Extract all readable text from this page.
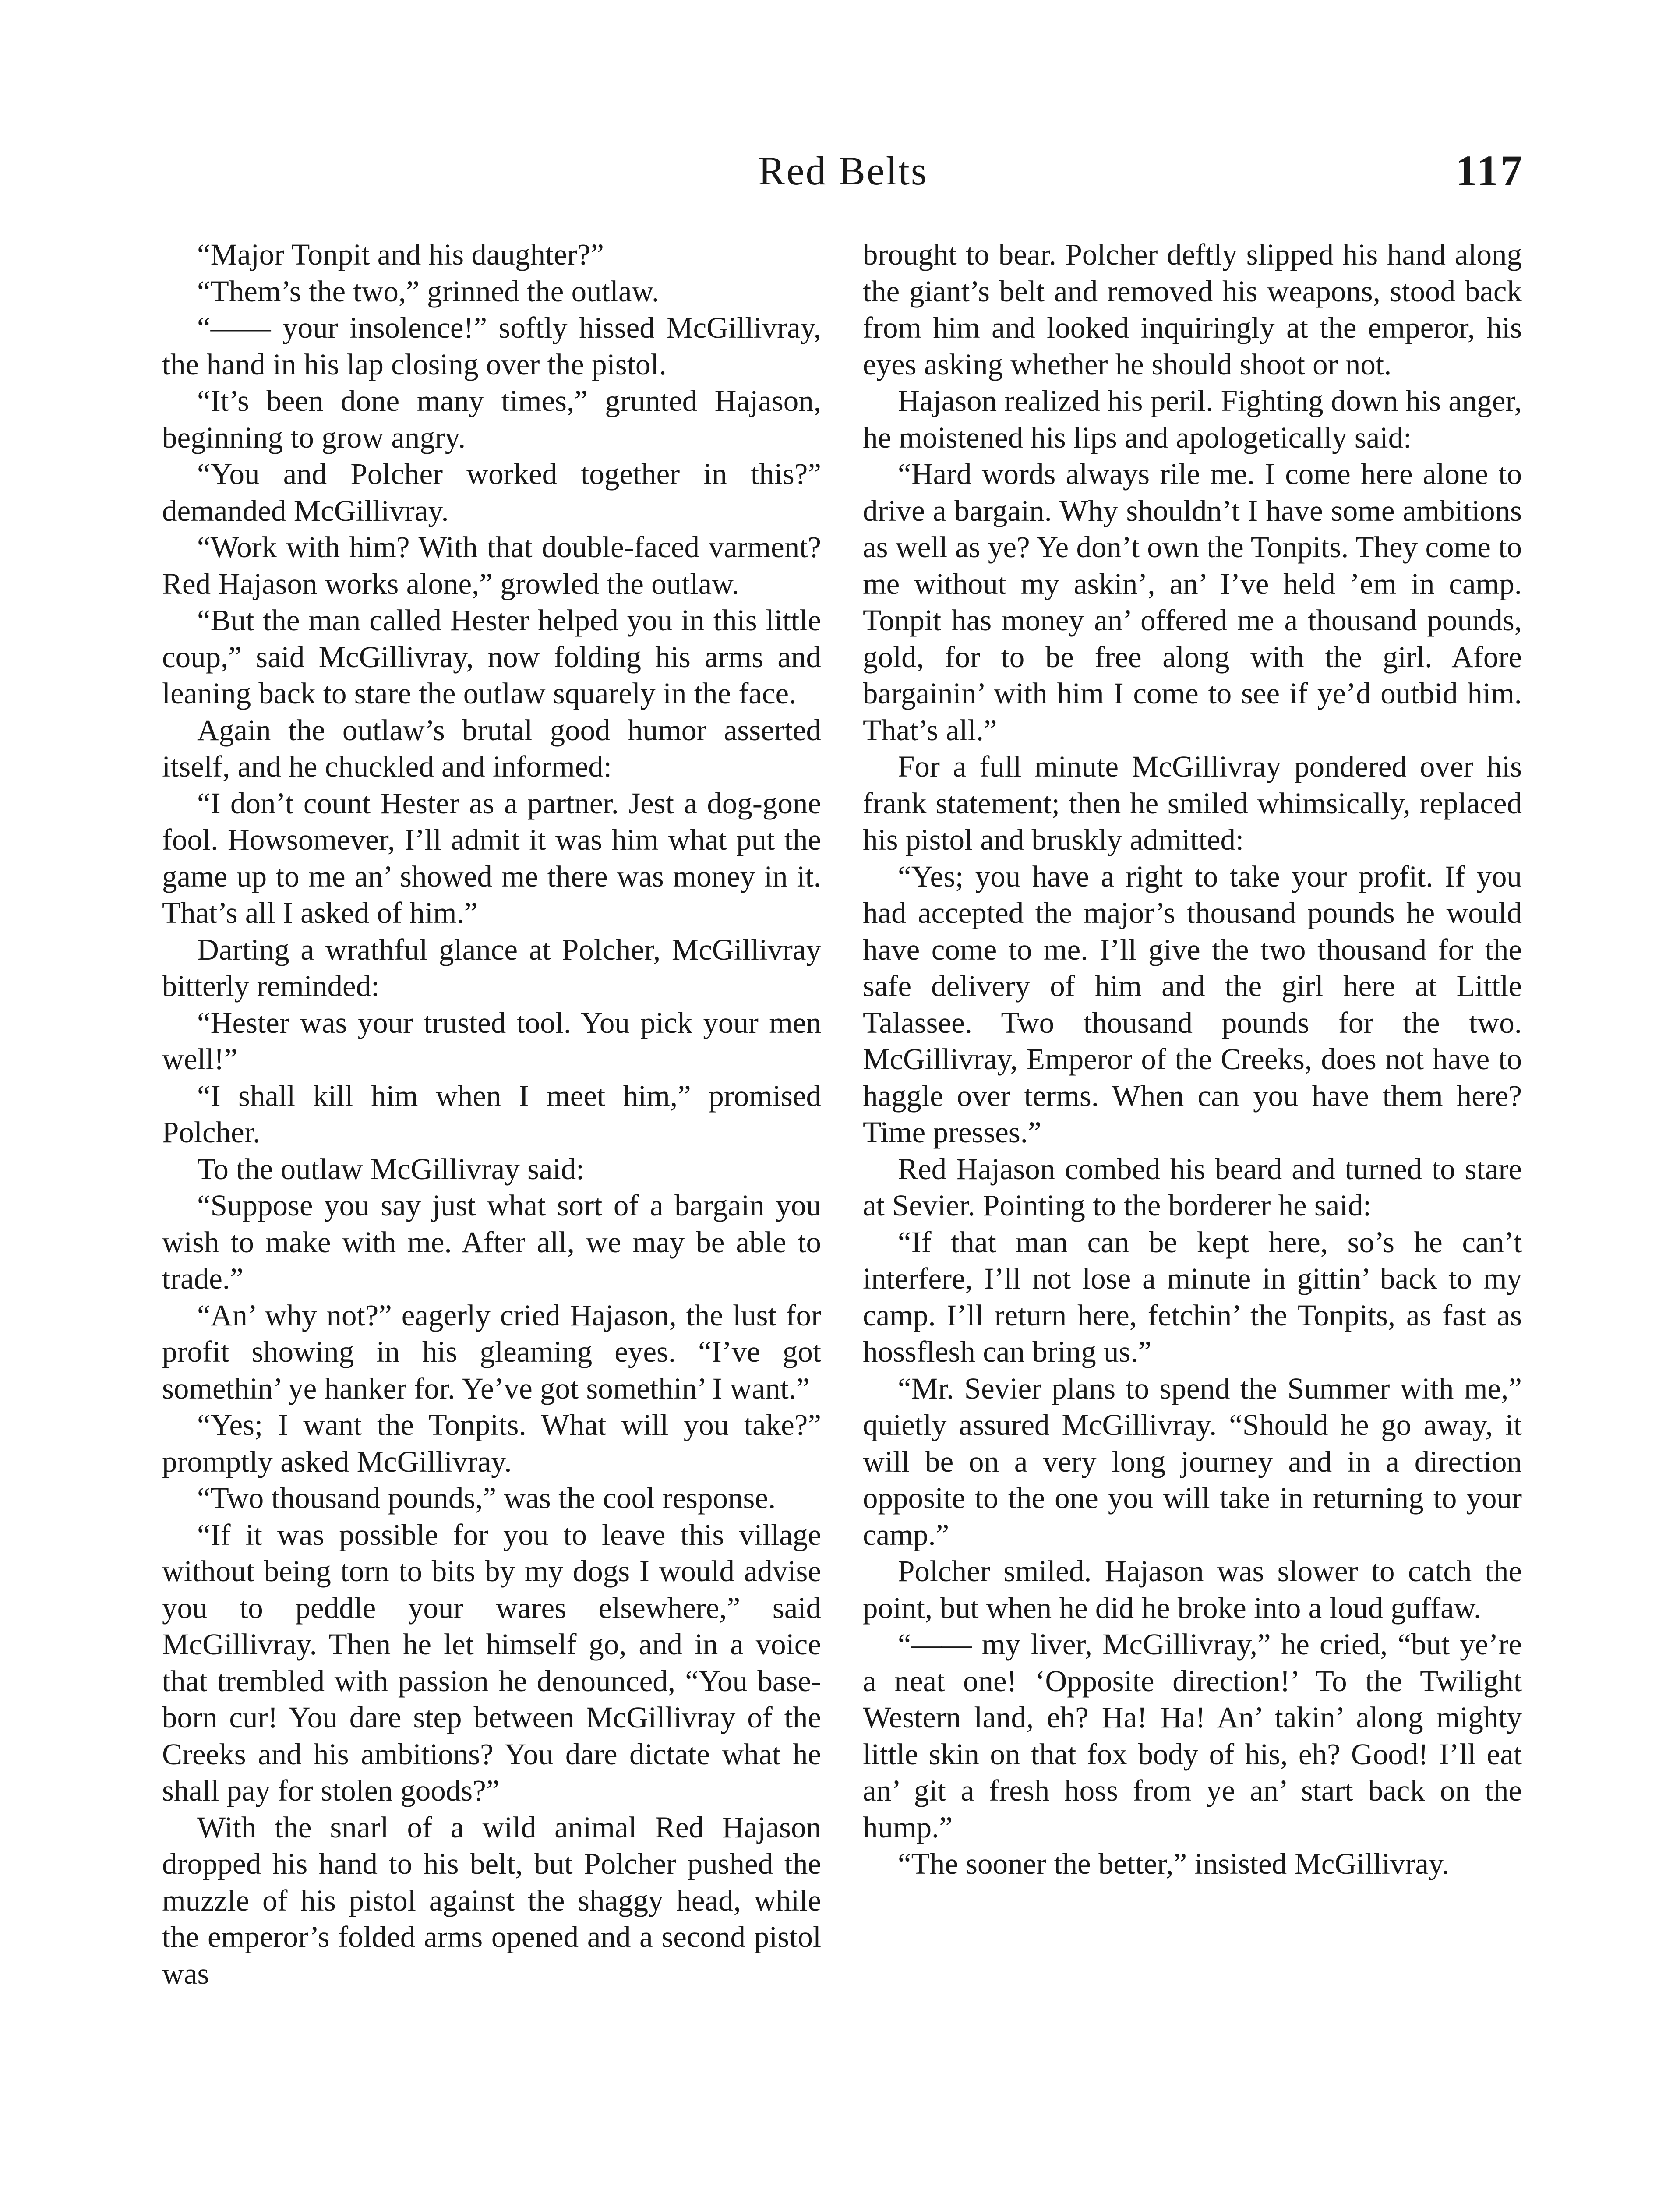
Red Belts	117

“Major Tonpit and his daughter?”

“Them’s the two,” grinned the outlaw.

“—— your insolence!” softly hissed McGillivray, the hand in his lap closing over the pistol.

“It’s been done many times,” grunted Hajason, beginning to grow angry.

“You and Polcher worked together in this?” demanded McGillivray.

“Work with him? With that double-faced varment? Red Hajason works alone,” growled the outlaw.

“But the man called Hester helped you in this little coup,” said McGillivray, now folding his arms and leaning back to stare the outlaw squarely in the face.

Again the outlaw’s brutal good humor asserted itself, and he chuckled and informed:

“I don’t count Hester as a partner. Jest a dog-gone fool. Howsomever, I’ll admit it was him what put the game up to me an’ showed me there was money in it. That’s all I asked of him.”

Darting a wrathful glance at Polcher, McGillivray bitterly reminded:

“Hester was your trusted tool. You pick your men well!”

“I shall kill him when I meet him,” promised Polcher.

To the outlaw McGillivray said:

“Suppose you say just what sort of a bargain you wish to make with me. After all, we may be able to trade.”

“An’ why not?” eagerly cried Hajason, the lust for profit showing in his gleaming eyes. “I’ve got somethin’ ye hanker for. Ye’ve got somethin’ I want.”

“Yes; I want the Tonpits. What will you take?” promptly asked McGillivray.

“Two thousand pounds,” was the cool response.

“If it was possible for you to leave this village without being torn to bits by my dogs I would advise you to peddle your wares elsewhere,” said McGillivray. Then he let himself go, and in a voice that trembled with passion he denounced, “You base-born cur! You dare step between McGillivray of the Creeks and his ambitions? You dare dictate what he shall pay for stolen goods?”

With the snarl of a wild animal Red Hajason dropped his hand to his belt, but Polcher pushed the muzzle of his pistol against the shaggy head, while the emperor’s folded arms opened and a second pistol was

brought to bear. Polcher deftly slipped his hand along the giant’s belt and removed his weapons, stood back from him and looked inquiringly at the emperor, his eyes asking whether he should shoot or not.

Hajason realized his peril. Fighting down his anger, he moistened his lips and apologetically said:

“Hard words always rile me. I come here alone to drive a bargain. Why shouldn’t I have some ambitions as well as ye? Ye don’t own the Tonpits. They come to me without my askin’, an’ I’ve held ’em in camp. Tonpit has money an’ offered me a thousand pounds, gold, for to be free along with the girl. Afore bargainin’ with him I come to see if ye’d outbid him. That’s all.”

For a full minute McGillivray pondered over his frank statement; then he smiled whimsically, replaced his pistol and bruskly admitted:

“Yes; you have a right to take your profit. If you had accepted the major’s thousand pounds he would have come to me. I’ll give the two thousand for the safe delivery of him and the girl here at Little Talassee. Two thousand pounds for the two. McGillivray, Emperor of the Creeks, does not have to haggle over terms. When can you have them here? Time presses.”

Red Hajason combed his beard and turned to stare at Sevier. Pointing to the borderer he said:

“If that man can be kept here, so’s he can’t interfere, I’ll not lose a minute in gittin’ back to my camp. I’ll return here, fetchin’ the Tonpits, as fast as hossflesh can bring us.”

“Mr. Sevier plans to spend the Summer with me,” quietly assured McGillivray. “Should he go away, it will be on a very long journey and in a direction opposite to the one you will take in returning to your camp.”

Polcher smiled. Hajason was slower to catch the point, but when he did he broke into a loud guffaw.

“—— my liver, McGillivray,” he cried, “but ye’re a neat one! ‘Opposite direction!’ To the Twilight Western land, eh? Ha! Ha! An’ takin’ along mighty little skin on that fox body of his, eh? Good! I’ll eat an’ git a fresh hoss from ye an’ start back on the hump.”

“The sooner the better,” insisted McGillivray.
